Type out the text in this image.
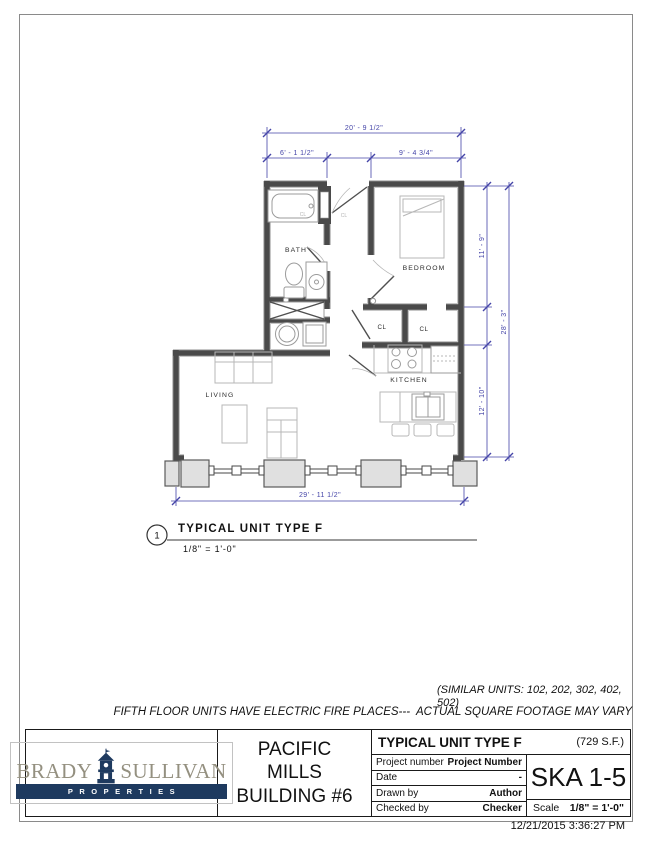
BATH
BEDROOM
KITCHEN
LIVING
CL	CL
CL	CL
20' - 9 1/2"
6' - 1 1/2"	9' - 4 3/4"
11' - 9"
28' - 3"
12' - 10"
29' - 11 1/2"
1
TYPICAL UNIT TYPE F
1/8" = 1'-0"
(SIMILAR UNITS: 102, 202, 302, 402, 502)
FIFTH FLOOR UNITS HAVE ELECTRIC FIRE PLACES---  ACTUAL SQUARE FOOTAGE MAY VARY
BRADY SULLIVAN
PROPERTIES
PACIFIC
MILLS
BUILDING #6
TYPICAL UNIT TYPE F	(729 S.F.)
Project number Project Number
Date	-
Drawn by	Author
Checked by	Checker
SKA 1-5
Scale 1/8" = 1'-0"
12/21/2015 3:36:27 PM
